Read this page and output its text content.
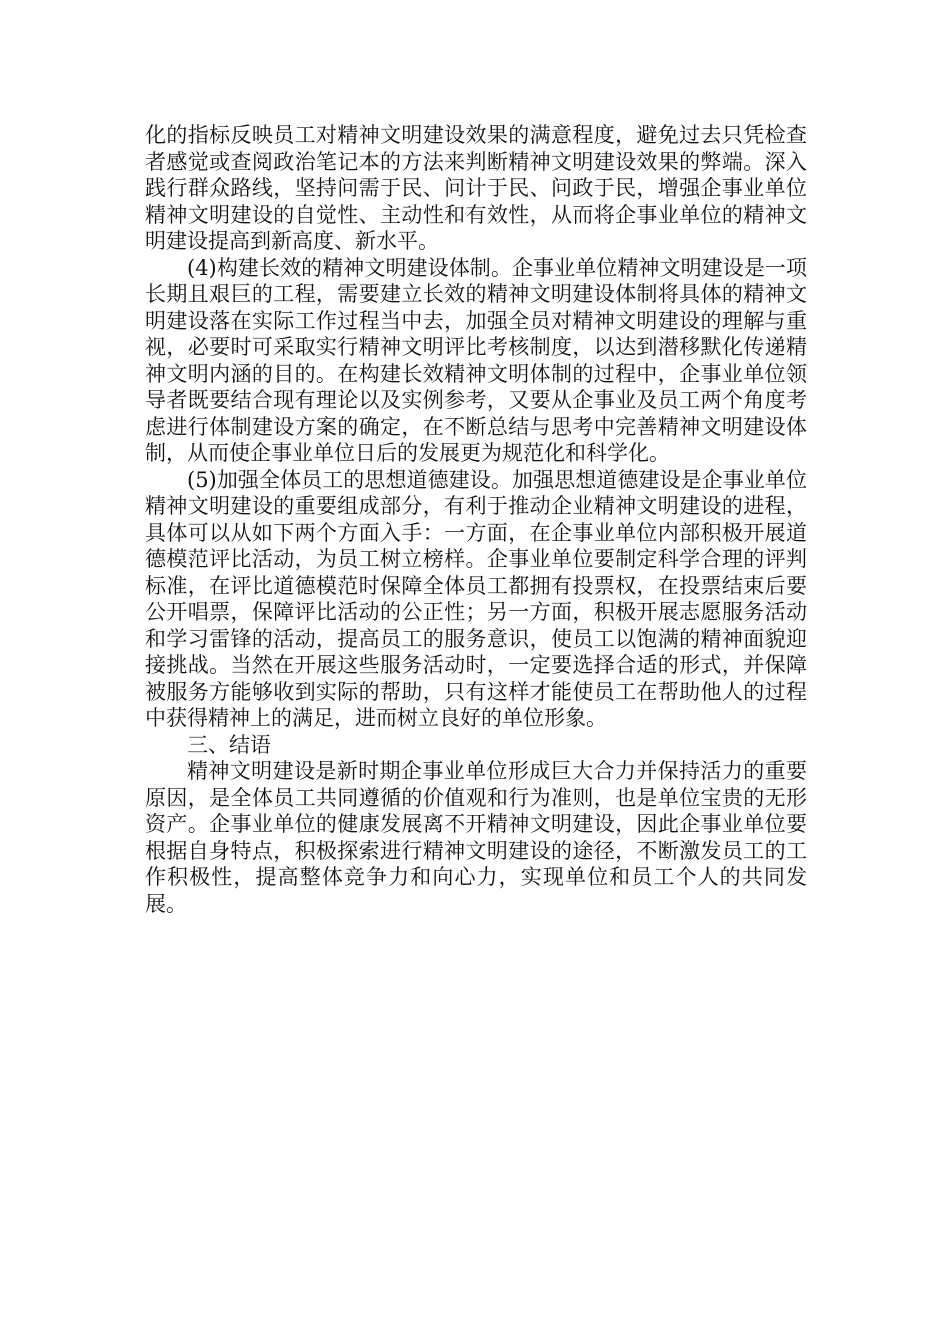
化的指标反映员工对精神文明建设效果的满意程度，避免过去只凭检查者感觉或查阅政治笔记本的方法来判断精神文明建设效果的弊端。深入践行群众路线，坚持问需于民、问计于民、问政于民，增强企事业单位精神文明建设的自觉性、主动性和有效性，从而将企事业单位的精神文明建设提高到新高度、新水平。

(4)构建长效的精神文明建设体制。企事业单位精神文明建设是一项长期且艰巨的工程，需要建立长效的精神文明建设体制将具体的精神文明建设落在实际工作过程当中去，加强全员对精神文明建设的理解与重视，必要时可采取实行精神文明评比考核制度，以达到潜移默化传递精神文明内涵的目的。在构建长效精神文明体制的过程中，企事业单位领导者既要结合现有理论以及实例参考，又要从企事业及员工两个角度考虑进行体制建设方案的确定，在不断总结与思考中完善精神文明建设体制，从而使企事业单位日后的发展更为规范化和科学化。

(5)加强全体员工的思想道德建设。加强思想道德建设是企事业单位精神文明建设的重要组成部分，有利于推动企业精神文明建设的进程，具体可以从如下两个方面入手：一方面，在企事业单位内部积极开展道德模范评比活动，为员工树立榜样。企事业单位要制定科学合理的评判标准，在评比道德模范时保障全体员工都拥有投票权，在投票结束后要公开唱票，保障评比活动的公正性；另一方面，积极开展志愿服务活动和学习雷锋的活动，提高员工的服务意识，使员工以饱满的精神面貌迎接挑战。当然在开展这些服务活动时，一定要选择合适的形式，并保障被服务方能够收到实际的帮助，只有这样才能使员工在帮助他人的过程中获得精神上的满足，进而树立良好的单位形象。

三、结语

精神文明建设是新时期企事业单位形成巨大合力并保持活力的重要原因，是全体员工共同遵循的价值观和行为准则，也是单位宝贵的无形资产。企事业单位的健康发展离不开精神文明建设，因此企事业单位要根据自身特点，积极探索进行精神文明建设的途径，不断激发员工的工作积极性，提高整体竞争力和向心力，实现单位和员工个人的共同发展。
